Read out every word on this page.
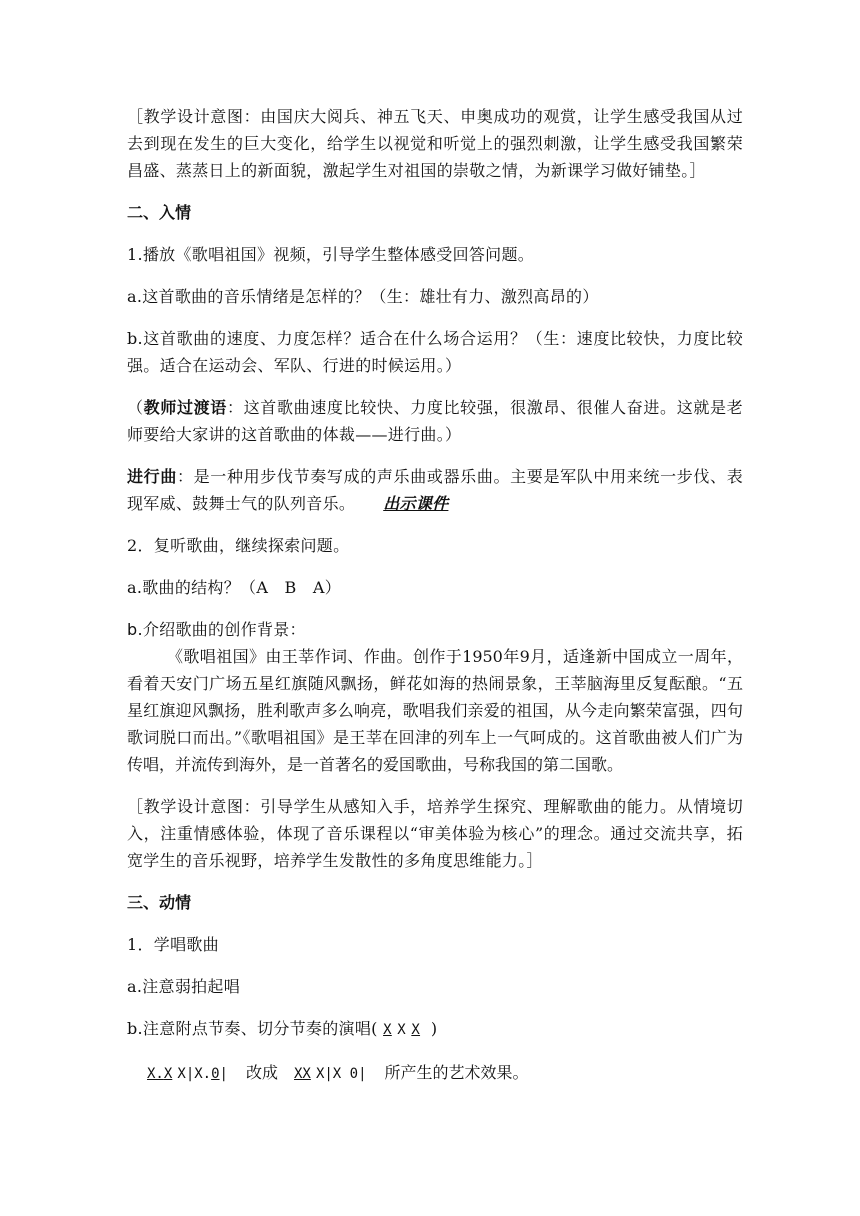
［教学设计意图：由国庆大阅兵、神五飞天、申奥成功的观赏，让学生感受我国从过去到现在发生的巨大变化，给学生以视觉和听觉上的强烈刺激，让学生感受我国繁荣昌盛、蒸蒸日上的新面貌，激起学生对祖国的崇敬之情，为新课学习做好铺垫。］

二、入情

1.播放《歌唱祖国》视频，引导学生整体感受回答问题。

a.这首歌曲的音乐情绪是怎样的？（生：雄壮有力、激烈高昂的）

b.这首歌曲的速度、力度怎样？适合在什么场合运用？（生：速度比较快，力度比较强。适合在运动会、军队、行进的时候运用。）

（教师过渡语：这首歌曲速度比较快、力度比较强，很激昂、很催人奋进。这就是老师要给大家讲的这首歌曲的体裁——进行曲。）

进行曲：是一种用步伐节奏写成的声乐曲或器乐曲。主要是军队中用来统一步伐、表现军威、鼓舞士气的队列音乐。 出示课件

2．复听歌曲，继续探索问题。

a.歌曲的结构？（A　B　A）

b.介绍歌曲的创作背景：

《歌唱祖国》由王莘作词、作曲。创作于1950年9月，适逢新中国成立一周年，看着天安门广场五星红旗随风飘扬，鲜花如海的热闹景象，王莘脑海里反复酝酿。“五星红旗迎风飘扬，胜利歌声多么响亮，歌唱我们亲爱的祖国，从今走向繁荣富强，四句歌词脱口而出。”《歌唱祖国》是王莘在回津的列车上一气呵成的。这首歌曲被人们广为传唱，并流传到海外，是一首著名的爱国歌曲，号称我国的第二国歌。

［教学设计意图：引导学生从感知入手，培养学生探究、理解歌曲的能力。从情境切入，注重情感体验，体现了音乐课程以“审美体验为核心”的理念。通过交流共享，拓宽学生的音乐视野，培养学生发散性的多角度思维能力。］

三、动情

1．学唱歌曲

a.注意弱拍起唱

b.注意附点节奏、切分节奏的演唱( X X X )

X.X X|X.0| 改成 XX X|X 0| 所产生的艺术效果。
